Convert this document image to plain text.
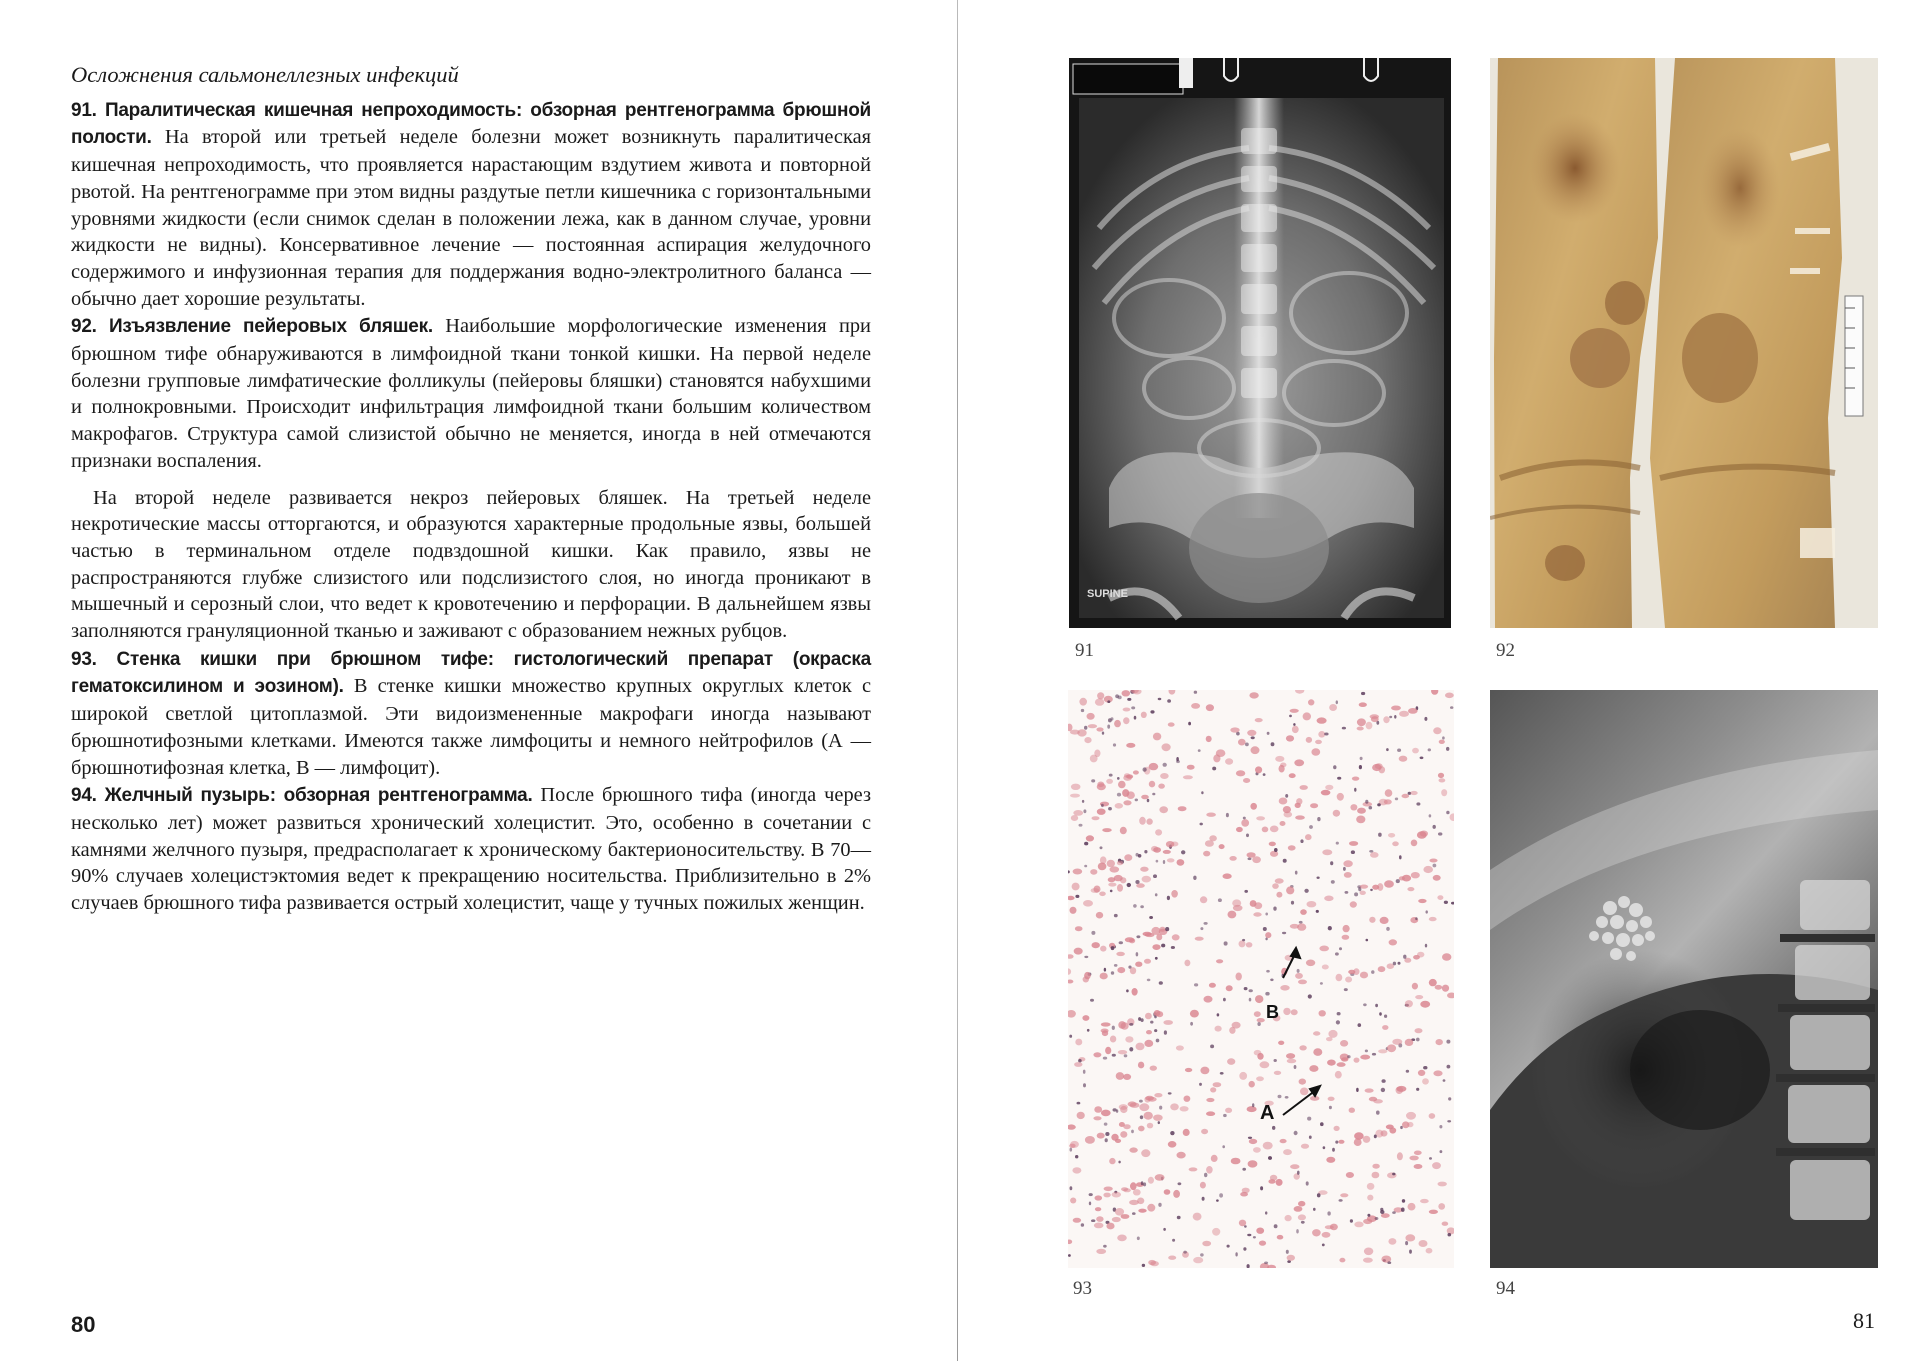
Осложнения сальмонеллезных инфекций

91. Паралитическая кишечная непроходимость: обзорная рентгенограмма брюшной полости. На второй или третьей неделе болезни может возникнуть паралитическая кишечная непроходимость, что проявляется нарастающим вздутием живота и повторной рвотой. На рентгенограмме при этом видны раздутые петли кишечника с горизонтальными уровнями жидкости (если снимок сделан в положении лежа, как в данном случае, уровни жидкости не видны). Консервативное лечение — постоянная аспирация желудочного содержимого и инфузионная терапия для поддержания водно-электролитного баланса — обычно дает хорошие результаты.

92. Изъязвление пейеровых бляшек. Наибольшие морфологические изменения при брюшном тифе обнаруживаются в лимфоидной ткани тонкой кишки. На первой неделе болезни групповые лимфатические фолликулы (пейеровы бляшки) становятся набухшими и полнокровными. Происходит инфильтрация лимфоидной ткани большим количеством макрофагов. Структура самой слизистой обычно не меняется, иногда в ней отмечаются признаки воспаления.

На второй неделе развивается некроз пейеровых бляшек. На третьей неделе некротические массы отторгаются, и образуются характерные продольные язвы, большей частью в терминальном отделе подвздошной кишки. Как правило, язвы не распространяются глубже слизистого или подслизистого слоя, но иногда проникают в мышечный и серозный слои, что ведет к кровотечению и перфорации. В дальнейшем язвы заполняются грануляционной тканью и заживают с образованием нежных рубцов.

93. Стенка кишки при брюшном тифе: гистологический препарат (окраска гематоксилином и эозином). В стенке кишки множество крупных округлых клеток с широкой светлой цитоплазмой. Эти видоизмененные макрофаги иногда называют брюшнотифозными клетками. Имеются также лимфоциты и немного нейтрофилов (А — брюшнотифозная клетка, В — лимфоцит).

94. Желчный пузырь: обзорная рентгенограмма. После брюшного тифа (иногда через несколько лет) может развиться хронический холецистит. Это, особенно в сочетании с камнями желчного пузыря, предрасполагает к хроническому бактерионосительству. В 70—90% случаев холецистэктомия ведет к прекращению носительства. Приблизительно в 2% случаев брюшного тифа развивается острый холецистит, чаще у тучных пожилых женщин.

80
SUPINE
91	92
B
A
93	94
81
